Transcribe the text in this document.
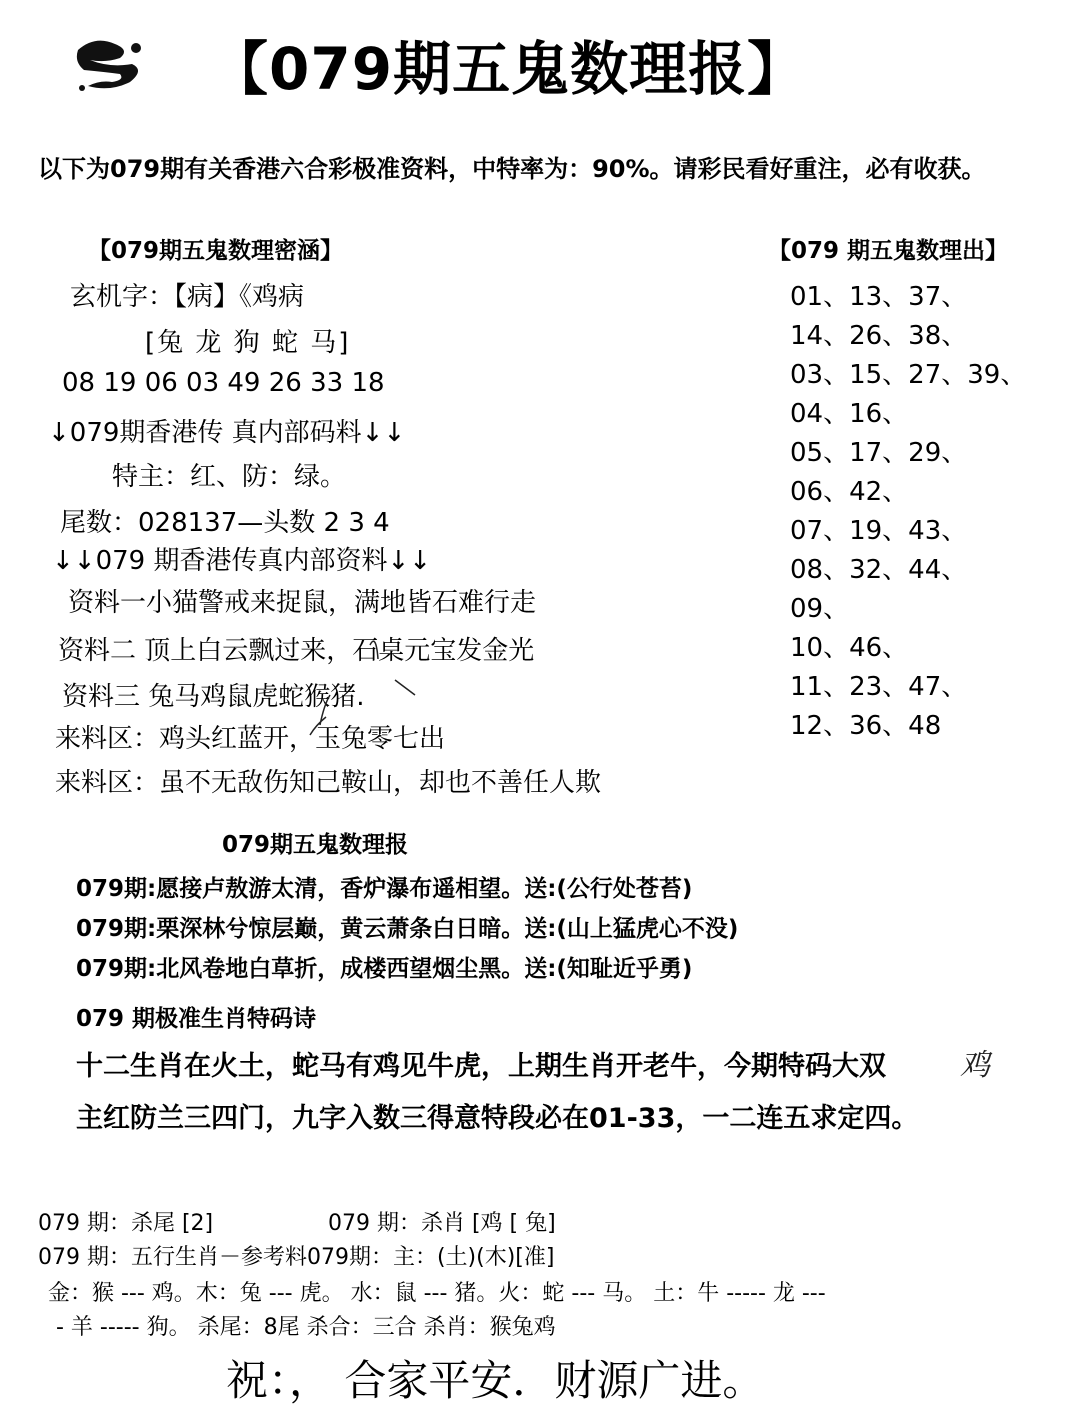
【079期五鬼数理报】
以下为079期有关香港六合彩极准资料，中特率为：90%。请彩民看好重注，必有收获。
【079期五鬼数理密涵】
玄机字：【病】《鸡病
[兔 龙 狗 蛇 马]
08 19 06 03 49 26 33 18
↓079期香港传 真内部码料↓↓
特主：红、防：绿。
尾数：028137—头数 2 3 4
↓↓079 期香港传真内部资料↓↓
资料一小猫警戒来捉鼠，满地皆石难行走
资料二 顶上白云飘过来，石桌元宝发金光
资料三 兔马鸡鼠虎蛇猴猪.
来料区：鸡头红蓝开，玉兔零七出
来料区：虽不无敌伤知己鞍山，却也不善任人欺
【079 期五鬼数理出】
01、13、37、
14、26、38、
03、15、27、39、
04、16、
05、17、29、
06、42、
07、19、43、
08、32、44、
09、
10、46、
11、23、47、
12、36、48
079期五鬼数理报
079期:愿接卢敖游太清，香炉瀑布遥相望。送:(公行处苍苔)
079期:栗深林兮惊层巅，黄云萧条白日暗。送:(山上猛虎心不没)
079期:北风卷地白草折，成楼西望烟尘黑。送:(知耻近乎勇)
079 期极准生肖特码诗
十二生肖在火土，蛇马有鸡见牛虎，上期生肖开老牛，今期特码大双 鸡
主红防兰三四门，九字入数三得意特段必在01-33，一二连五求定四。
079 期：杀尾 [2]	079 期：杀肖 [鸡 [ 兔]
079 期：五行生肖－参考料079期：主：(土)(木)[准]
金：猴 --- 鸡。木：兔 --- 虎。 水：鼠 --- 猪。火：蛇 --- 马。 土：牛 ----- 龙 ---
- 羊 ----- 狗。 杀尾：8尾 杀合：三合 杀肖：猴兔鸡
祝：， 合家平安．财源广进。
